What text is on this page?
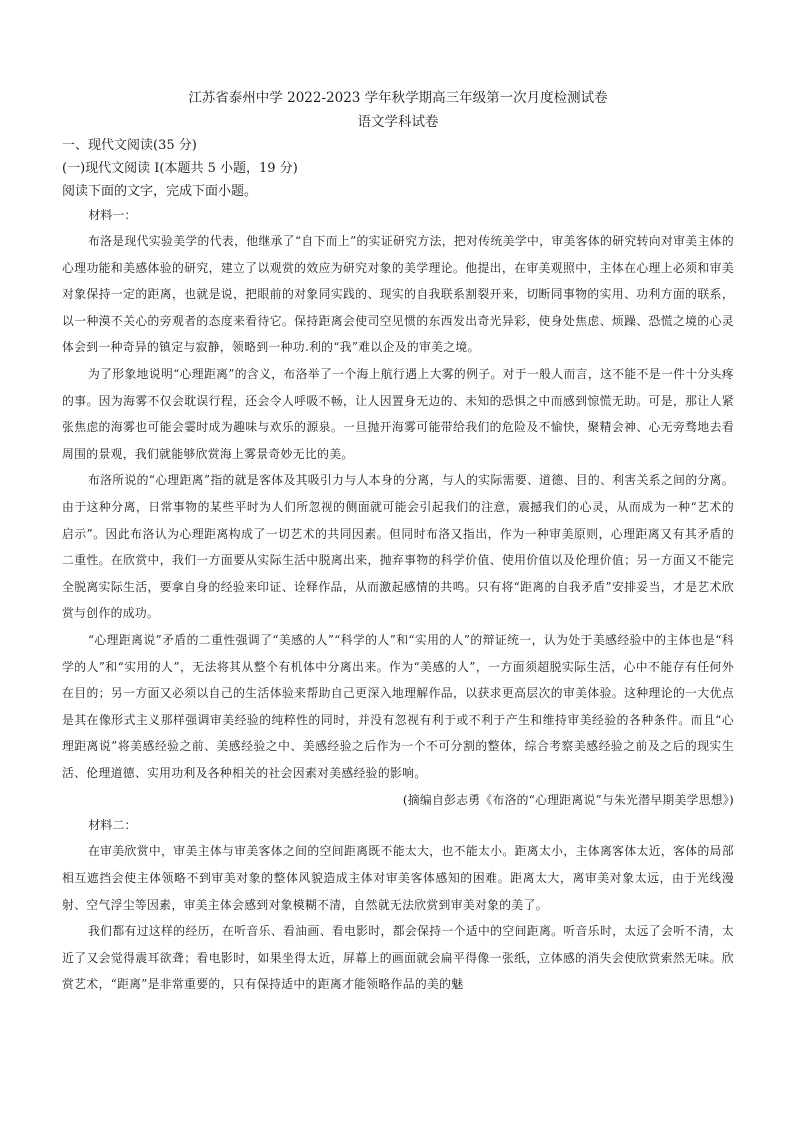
江苏省泰州中学 2022-2023 学年秋学期高三年级第一次月度检测试卷

语文学科试卷

一、现代文阅读(35 分)

(一)现代文阅读 I(本题共 5 小题，19 分)

阅读下面的文字，完成下面小题。

材料一：

布洛是现代实验美学的代表，他继承了“自下而上”的实证研究方法，把对传统美学中，审美客体的研究转向对审美主体的心理功能和美感体验的研究，建立了以观赏的效应为研究对象的美学理论。他提出，在审美观照中，主体在心理上必须和审美对象保持一定的距离，也就是说，把眼前的对象同实践的、现实的自我联系割裂开来，切断同事物的实用、功利方面的联系，以一种漠不关心的旁观者的态度来看待它。保持距离会使司空见惯的东西发出奇光异彩，使身处焦虑、烦躁、恐慌之境的心灵体会到一种奇异的镇定与寂静，领略到一种功.利的“我”难以企及的审美之境。

为了形象地说明“心理距离”的含义，布洛举了一个海上航行遇上大雾的例子。对于一般人而言，这不能不是一件十分头疼的事。因为海雾不仅会耽误行程，还会令人呼吸不畅，让人因置身无边的、未知的恐惧之中而感到惊慌无助。可是，那让人紧张焦虑的海雾也可能会霎时成为趣味与欢乐的源泉。一旦抛开海雾可能带给我们的危险及不愉快，聚精会神、心无旁骛地去看周围的景观，我们就能够欣赏海上雾景奇妙无比的美。

布洛所说的“心理距离”指的就是客体及其吸引力与人本身的分离，与人的实际需要、道德、目的、利害关系之间的分离。由于这种分离，日常事物的某些平时为人们所忽视的侧面就可能会引起我们的注意，震撼我们的心灵，从而成为一种“艺术的启示”。因此布洛认为心理距离构成了一切艺术的共同因素。但同时布洛又指出，作为一种审美原则，心理距离又有其矛盾的二重性。在欣赏中，我们一方面要从实际生活中脱离出来，抛弃事物的科学价值、使用价值以及伦理价值；另一方面又不能完全脱离实际生活，要拿自身的经验来印证、诠释作品，从而激起感情的共鸣。只有将“距离的自我矛盾”安排妥当，才是艺术欣赏与创作的成功。

“心理距离说”矛盾的二重性强调了“美感的人”“科学的人”和“实用的人”的辩证统一，认为处于美感经验中的主体也是“科学的人”和“实用的人”，无法将其从整个有机体中分离出来。作为“美感的人”，一方面须超脱实际生活，心中不能存有任何外在目的；另一方面又必须以自己的生活体验来帮助自己更深入地理解作品，以获求更高层次的审美体验。这种理论的一大优点是其在像形式主义那样强调审美经验的纯粹性的同时，并没有忽视有利于或不利于产生和维持审美经验的各种条件。而且“心理距离说”将美感经验之前、美感经验之中、美感经验之后作为一个不可分割的整体，综合考察美感经验之前及之后的现实生活、伦理道德、实用功利及各种相关的社会因素对美感经验的影响。

(摘编自彭志勇《布洛的“心理距离说”与朱光潜早期美学思想》)

材料二：

在审美欣赏中，审美主体与审美客体之间的空间距离既不能太大，也不能太小。距离太小，主体离客体太近，客体的局部相互遮挡会使主体领略不到审美对象的整体风貌造成主体对审美客体感知的困难。距离太大，离审美对象太远，由于光线漫射、空气浮尘等因素，审美主体会感到对象模糊不清，自然就无法欣赏到审美对象的美了。

我们都有过这样的经历，在听音乐、看油画、看电影时，都会保持一个适中的空间距离。听音乐时，太远了会听不清，太近了又会觉得震耳欲聋；看电影时，如果坐得太近，屏幕上的画面就会扁平得像一张纸，立体感的消失会使欣赏索然无味。欣赏艺术，“距离”是非常重要的，只有保持适中的距离才能领略作品的美的魅
